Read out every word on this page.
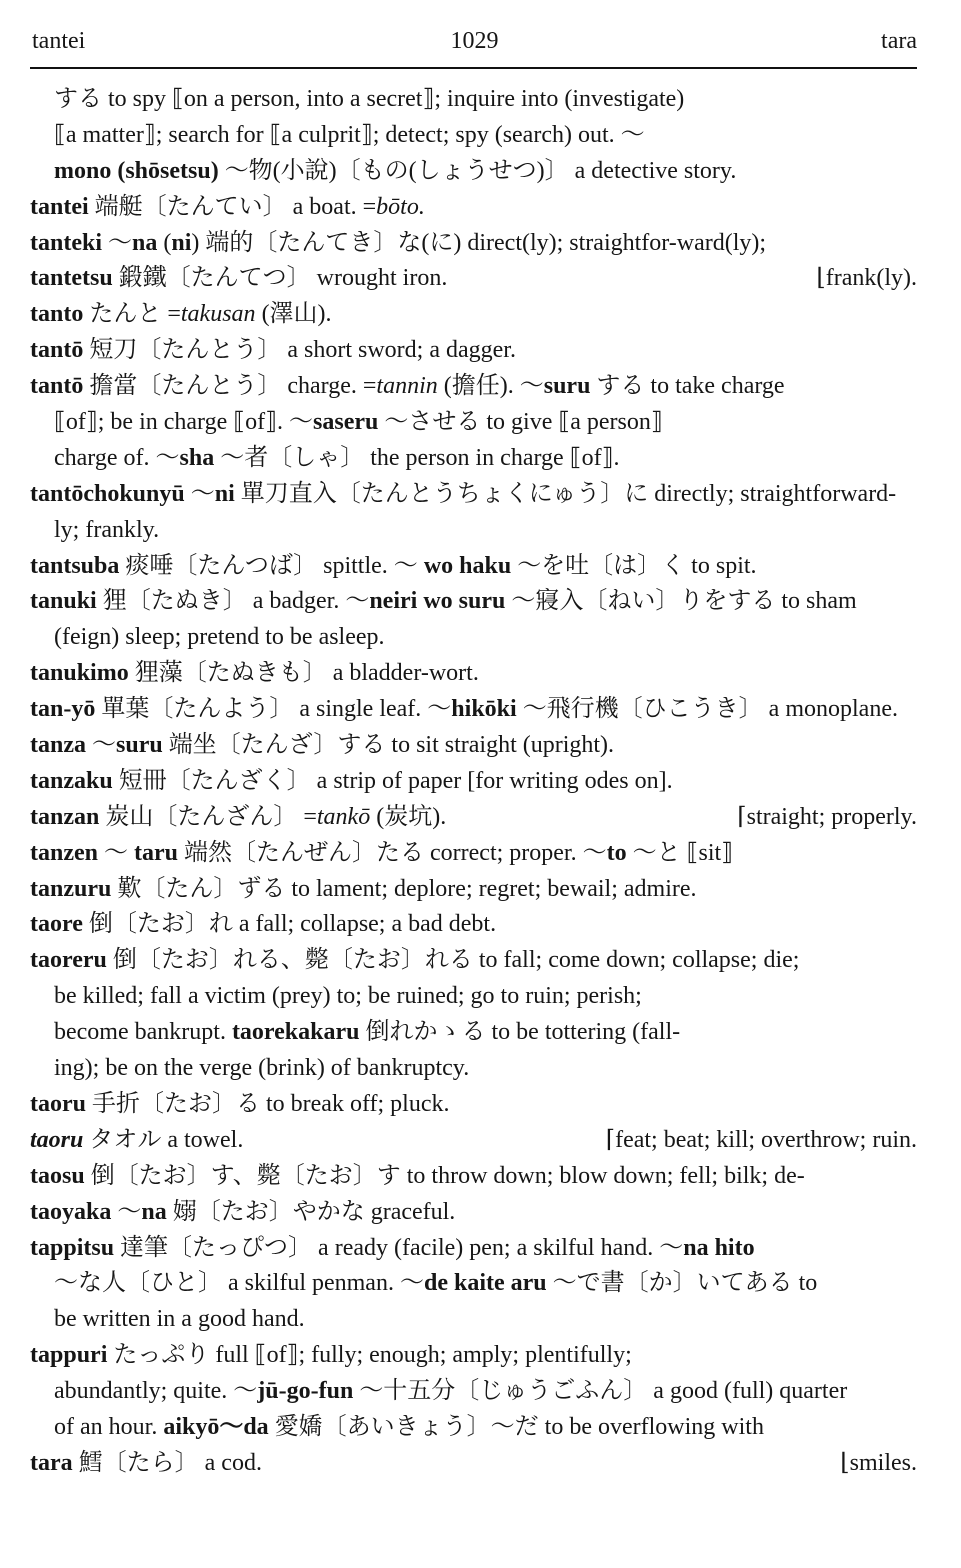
tantei	1029	tara
する to spy ⟦on a person, into a secret⟧; inquire into (investigate)
⟦a matter⟧; search for ⟦a culprit⟧; detect; spy (search) out. ～
mono (shōsetsu) ～物(小說)〔もの(しょうせつ)〕 a detective story.
tantei 端艇〔たんてい〕 a boat. =bōto.
tanteki ～na (ni) 端的〔たんてき〕な(に) direct(ly); straightfor-ward(ly);
tantetsu 鍛鐵〔たんてつ〕 wrought iron.	⌊frank(ly).
tanto たんと =takusan (澤山).
tantō 短刀〔たんとう〕 a short sword; a dagger.
tantō 擔當〔たんとう〕 charge. =tannin (擔任). ～suru する to take charge
⟦of⟧; be in charge ⟦of⟧. ～saseru ～させる to give ⟦a person⟧
charge of. ～sha ～者〔しゃ〕 the person in charge ⟦of⟧.
tantōchokunyū ～ni 單刀直入〔たんとうちょくにゅう〕に directly; straightforward-
ly; frankly.
tantsuba 痰唾〔たんつば〕 spittle. ～ wo haku ～を吐〔は〕く to spit.
tanuki 狸〔たぬき〕 a badger. ～neiri wo suru ～寢入〔ねい〕りをする to sham
(feign) sleep; pretend to be asleep.
tanukimo 狸藻〔たぬきも〕 a bladder-wort.
tan-yō 單葉〔たんよう〕 a single leaf. ～hikōki ～飛行機〔ひこうき〕 a monoplane.
tanza ～suru 端坐〔たんざ〕する to sit straight (upright).
tanzaku 短冊〔たんざく〕 a strip of paper [for writing odes on].
tanzan 炭山〔たんざん〕 =tankō (炭坑).	⌈straight; properly.
tanzen ～ taru 端然〔たんぜん〕たる correct; proper. ～to ～と ⟦sit⟧
tanzuru 歎〔たん〕ずる to lament; deplore; regret; bewail; admire.
taore 倒〔たお〕れ a fall; collapse; a bad debt.
taoreru 倒〔たお〕れる、斃〔たお〕れる to fall; come down; collapse; die;
be killed; fall a victim (prey) to; be ruined; go to ruin; perish;
become bankrupt. taorekakaru 倒れかゝる to be tottering (fall-
ing); be on the verge (brink) of bankruptcy.
taoru 手折〔たお〕る to break off; pluck.
taoru タオル a towel.	⌈feat; beat; kill; overthrow; ruin.
taosu 倒〔たお〕す、斃〔たお〕す to throw down; blow down; fell; bilk; de-
taoyaka ～na 嫋〔たお〕やかな graceful.
tappitsu 達筆〔たっぴつ〕 a ready (facile) pen; a skilful hand. ～na hito
～な人〔ひと〕 a skilful penman. ～de kaite aru ～で書〔か〕いてある to
be written in a good hand.
tappuri たっぷり full ⟦of⟧; fully; enough; amply; plentifully;
abundantly; quite. ～jū-go-fun ～十五分〔じゅうごふん〕 a good (full) quarter
of an hour. aikyō～da 愛嬌〔あいきょう〕～だ to be overflowing with
tara 鱈〔たら〕 a cod.	⌊smiles.
